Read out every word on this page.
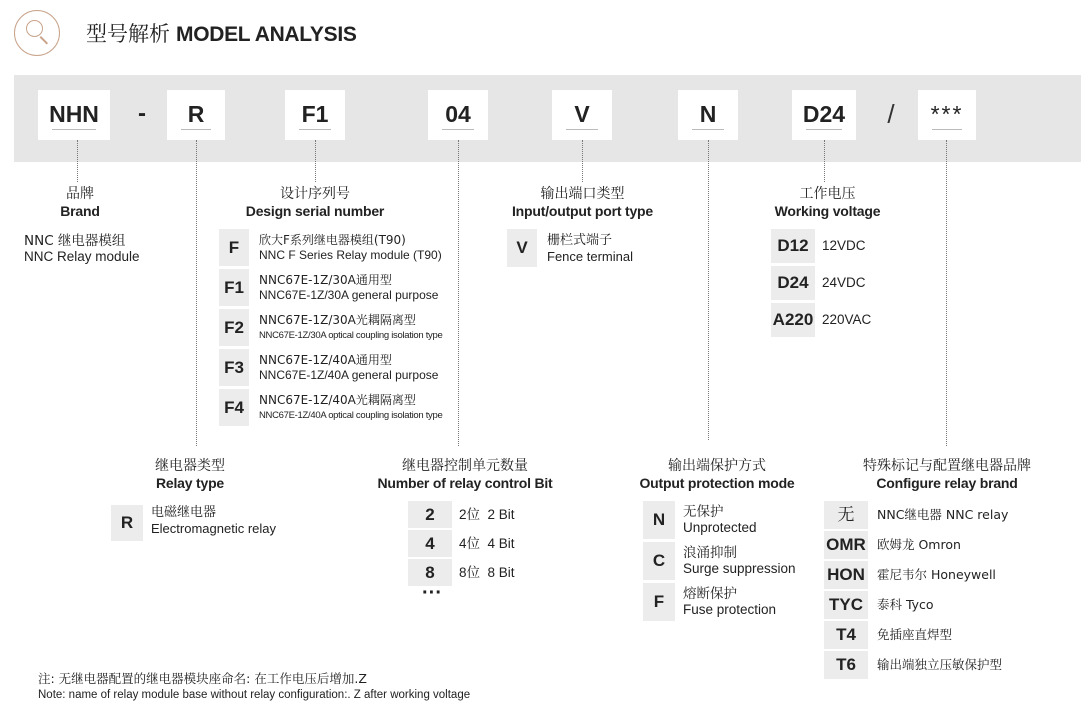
型号解析 MODEL ANALYSIS
NHN	-	R	F1	04	V	N	D24	/	***
品牌
Brand
NNC 继电器模组
NNC Relay module
设计序列号
Design serial number
F	欣大F系列继电器模组(T90)
NNC F Series Relay module (T90)
F1	NNC67E-1Z/30A通用型
NNC67E-1Z/30A general purpose
F2	NNC67E-1Z/30A光耦隔离型
NNC67E-1Z/30A optical coupling isolation type
F3	NNC67E-1Z/40A通用型
NNC67E-1Z/40A general purpose
F4	NNC67E-1Z/40A光耦隔离型
NNC67E-1Z/40A optical coupling isolation type
输出端口类型
Input/output port type
V	栅栏式端子
Fence terminal
工作电压
Working voltage
D12 12VDC
D24 24VDC
A220 220VAC
继电器类型
Relay type
R
电磁继电器
Electromagnetic relay
继电器控制单元数量
Number of relay control Bit
2	2位  2 Bit
4	4位  4 Bit
8	8位  8 Bit
···
输出端保护方式
Output protection mode
N	无保护
Unprotected
C	浪涌抑制
Surge suppression
F	熔断保护
Fuse protection
特殊标记与配置继电器品牌
Configure relay brand
无	NNC继电器 NNC relay
OMR 欧姆龙 Omron
HON 霍尼韦尔 Honeywell
TYC	泰科 Tyco
T4	免插座直焊型
T6	输出端独立压敏保护型
注: 无继电器配置的继电器模块座命名: 在工作电压后增加.Z
Note: name of relay module base without relay configuration:. Z after working voltage
